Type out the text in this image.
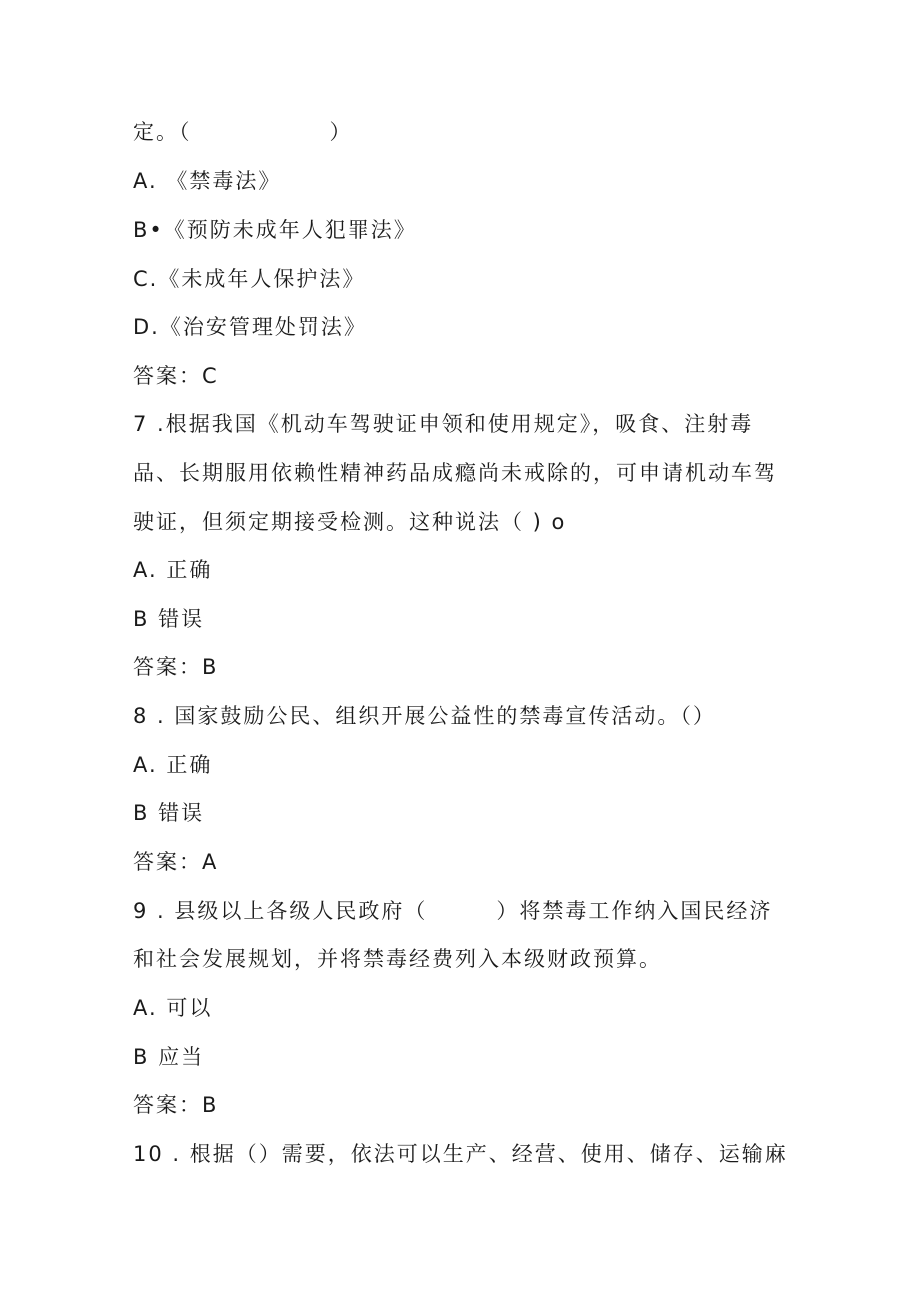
定。（　　　　　　）

A. 《禁毒法》

B•《预防未成年人犯罪法》

C.《未成年人保护法》

D.《治安管理处罚法》

答案：C

7 .根据我国《机动车驾驶证申领和使用规定》，吸食、注射毒

品、长期服用依赖性精神药品成瘾尚未戒除的，可申请机动车驾

驶证，但须定期接受检测。这种说法（ ) o

A. 正确

B 错误

答案：B

8 . 国家鼓励公民、组织开展公益性的禁毒宣传活动。（）

A. 正确

B 错误

答案：A

9 . 县级以上各级人民政府（　　　）将禁毒工作纳入国民经济

和社会发展规划，并将禁毒经费列入本级财政预算。

A. 可以

B 应当

答案：B

10 . 根据（）需要，依法可以生产、经营、使用、储存、运输麻
